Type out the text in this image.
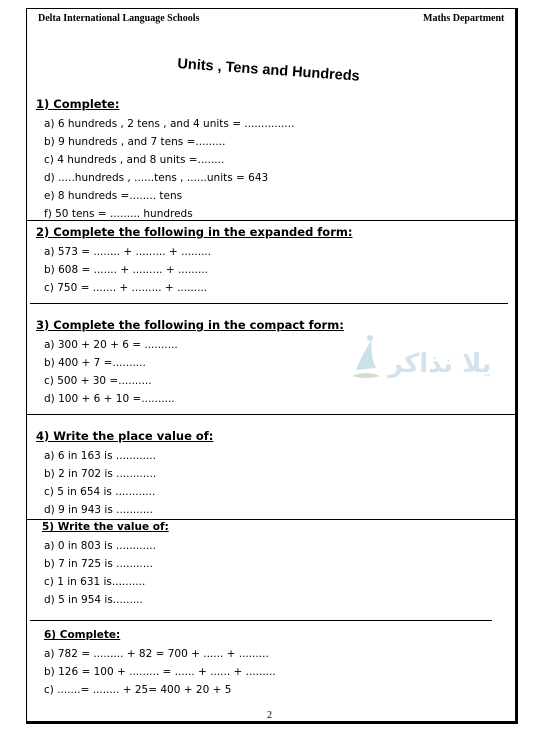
Delta International Language Schools	Maths Department
Units , Tens and Hundreds
يلا نذاكر
1) Complete:
a) 6 hundreds , 2 tens , and 4 units = ...............
b) 9 hundreds , and 7 tens =.........
c) 4 hundreds , and 8 units =........
d) .....hundreds , ......tens , ......units = 643
e) 8 hundreds =........ tens
f) 50 tens = ......... hundreds
2) Complete the following in the expanded form:
a) 573 = ........ + ......... + .........
b) 608 = ....... + ......... + .........
c) 750 = ....... + ......... + .........
3) Complete the following in the compact form:
a) 300 + 20 + 6 = ..........
b) 400 + 7 =..........
c) 500 + 30 =..........
d) 100 + 6 + 10 =..........
4) Write the place value of:
a) 6 in 163 is ............
b) 2 in 702 is ............
c) 5 in 654 is ............
d) 9 in 943 is ...........
5) Write the value of:
a) 0 in 803 is ............
b) 7 in 725 is ...........
c) 1 in 631 is..........
d) 5 in 954 is.........
6) Complete:
a) 782 = ......... + 82 = 700 + ...... + .........
b) 126 = 100 + ......... = ...... + ...... + .........
c) .......= ........ + 25= 400 + 20 + 5
2
